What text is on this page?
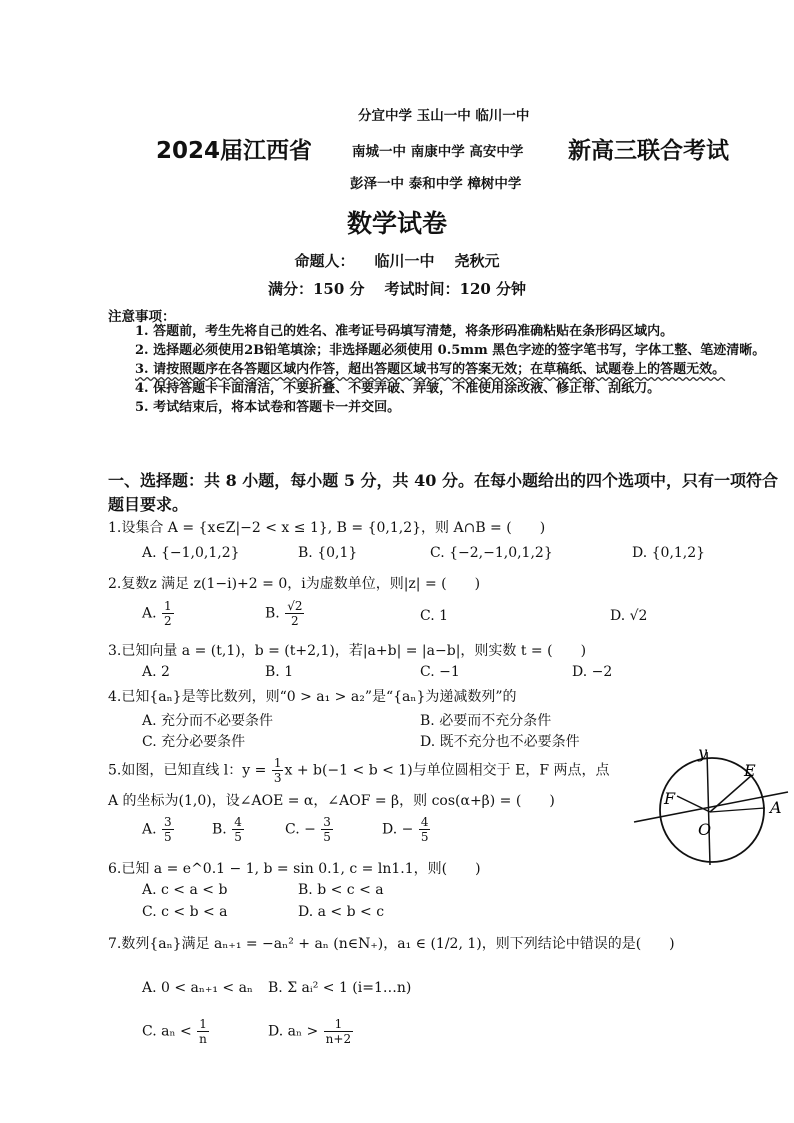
分宜中学 玉山一中 临川一中
2024届江西省	南城一中 南康中学 高安中学 新高三联合考试
彭泽一中 泰和中学 樟树中学
数学试卷
命题人： 临川一中 尧秋元
满分：150 分 考试时间：120 分钟
注意事项：
1. 答题前，考生先将自己的姓名、准考证号码填写清楚，将条形码准确粘贴在条形码区域内。
2. 选择题必须使用2B铅笔填涂；非选择题必须使用 0.5mm 黑色字迹的签字笔书写，字体工整、笔迹清晰。
3. 请按照题序在各答题区域内作答，超出答题区域书写的答案无效；在草稿纸、试题卷上的答题无效。
4. 保持答题卡卡面清洁，不要折叠、不要弄破、弄皱，不准使用涂改液、修正带、刮纸刀。
5. 考试结束后，将本试卷和答题卡一并交回。
一、选择题：共 8 小题，每小题 5 分，共 40 分。在每小题给出的四个选项中，只有一项符合题目要求。
1.设集合 A = {x∈Z|−2 < x ≤ 1}, B = {0,1,2}，则 A∩B = (　　)
A. {−1,0,1,2}	B. {0,1}	C. {−2,−1,0,1,2}	D. {0,1,2}
2.复数z 满足 z(1−i)+2 = 0，i为虚数单位，则|z| = (　　)
A. $\frac{1}{2}$	B. $\frac{√2}{2}$	C. 1	D. √2
3.已知向量 a = (t,1)，b = (t+2,1)，若|a+b| = |a−b|，则实数 t = (　　)
A. 2	B. 1	C. −1	D. −2
4.已知{aₙ}是等比数列，则“0 > a₁ > a₂”是“{aₙ}为递减数列”的
A. 充分而不必要条件	B. 必要而不充分条件
C. 充分必要条件	D. 既不充分也不必要条件
5.如图，已知直线 l：$y = \frac{1}{3}$ x + b(−1 < b < 1)与单位圆相交于 E，F 两点，点
A 的坐标为(1,0)，设∠AOE = α，∠AOF = β，则 cos(α+β) = (　　)
A. $\frac{3}{5}$	B. $\frac{4}{5}$	C. − $\frac{3}{5}$	D. − $\frac{4}{5}$
y
E
F	A
O
6.已知 a = e^0.1 − 1, b = sin 0.1, c = ln1.1，则(　　)
A. c < a < b	B. b < c < a
C. c < b < a	D. a < b < c
7.数列{aₙ}满足 aₙ₊₁ = −aₙ² + aₙ (n∈N₊)，a₁ ∈ (1/2, 1)，则下列结论中错误的是(　　)
A. 0 < aₙ₊₁ < aₙ B. Σ aᵢ² < 1 (i=1…n)
C. $a_n < \frac{1}{n}$	D. $a_n > \frac{1}{n+2}$
